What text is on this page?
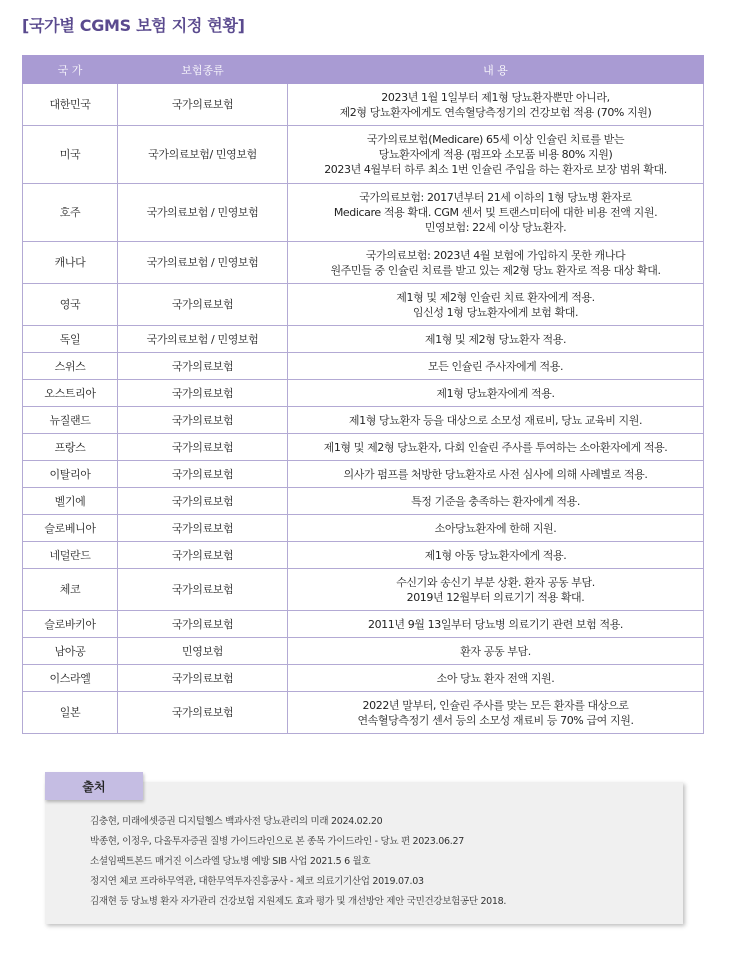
[국가별 CGMS 보험 지정 현황]
국 가	보험종류	내 용
대한민국	국가의료보험	2023년 1월 1일부터 제1형 당뇨환자뿐만 아니라,
제2형 당뇨환자에게도 연속혈당측정기의 건강보험 적용 (70% 지원)
미국	국가의료보험/ 민영보험	국가의료보험(Medicare) 65세 이상 인슐린 치료를 받는
당뇨환자에게 적용 (펌프와 소모품 비용 80% 지원)
2023년 4월부터 하루 최소 1번 인슐린 주입을 하는 환자로 보장 범위 확대.
호주	국가의료보험 / 민영보험	국가의료보험: 2017년부터 21세 이하의 1형 당뇨병 환자로
Medicare 적용 확대. CGM 센서 및 트랜스미터에 대한 비용 전액 지원.
민영보험: 22세 이상 당뇨환자.
캐나다	국가의료보험 / 민영보험	국가의료보험: 2023년 4월 보험에 가입하지 못한 캐나다
원주민들 중 인슐린 치료를 받고 있는 제2형 당뇨 환자로 적용 대상 확대.
영국	국가의료보험	제1형 및 제2형 인슐린 치료 환자에게 적용.
임신성 1형 당뇨환자에게 보험 확대.
독일	국가의료보험 / 민영보험	제1형 및 제2형 당뇨환자 적용.
스위스	국가의료보험	모든 인슐린 주사자에게 적용.
오스트리아	국가의료보험	제1형 당뇨환자에게 적용.
뉴질랜드	국가의료보험	제1형 당뇨환자 등을 대상으로 소모성 재료비, 당뇨 교육비 지원.
프랑스	국가의료보험	제1형 및 제2형 당뇨환자, 다회 인슐린 주사를 투여하는 소아환자에게 적용.
이탈리아	국가의료보험	의사가 펌프를 처방한 당뇨환자로 사전 심사에 의해 사례별로 적용.
벨기에	국가의료보험	특정 기준을 충족하는 환자에게 적용.
슬로베니아	국가의료보험	소아당뇨환자에 한해 지원.
네덜란드	국가의료보험	제1형 아동 당뇨환자에게 적용.
체코	국가의료보험	수신기와 송신기 부분 상환. 환자 공동 부담.
2019년 12월부터 의료기기 적용 확대.
슬로바키아	국가의료보험	2011년 9월 13일부터 당뇨병 의료기기 관련 보험 적용.
남아공	민영보험	환자 공동 부담.
이스라엘	국가의료보험	소아 당뇨 환자 전액 지원.
일본	국가의료보험	2022년 말부터, 인슐린 주사를 맞는 모든 환자를 대상으로
연속혈당측정기 센서 등의 소모성 재료비 등 70% 급여 지원.
출처
김충현, 미래에셋증권 디지털헬스 백과사전 당뇨관리의 미래 2024.02.20
박종현, 이정우, 다올투자증권 질병 가이드라인으로 본 종목 가이드라인 - 당뇨 편 2023.06.27
소셜임팩트본드 매거진 이스라엘 당뇨병 예방 SIB 사업 2021.5 6 월호
정지연 체코 프라하무역관, 대한무역투자진흥공사 - 체코 의료기기산업 2019.07.03
김재현 등 당뇨병 환자 자가관리 건강보험 지원제도 효과 평가 및 개선방안 제안 국민건강보험공단 2018.
